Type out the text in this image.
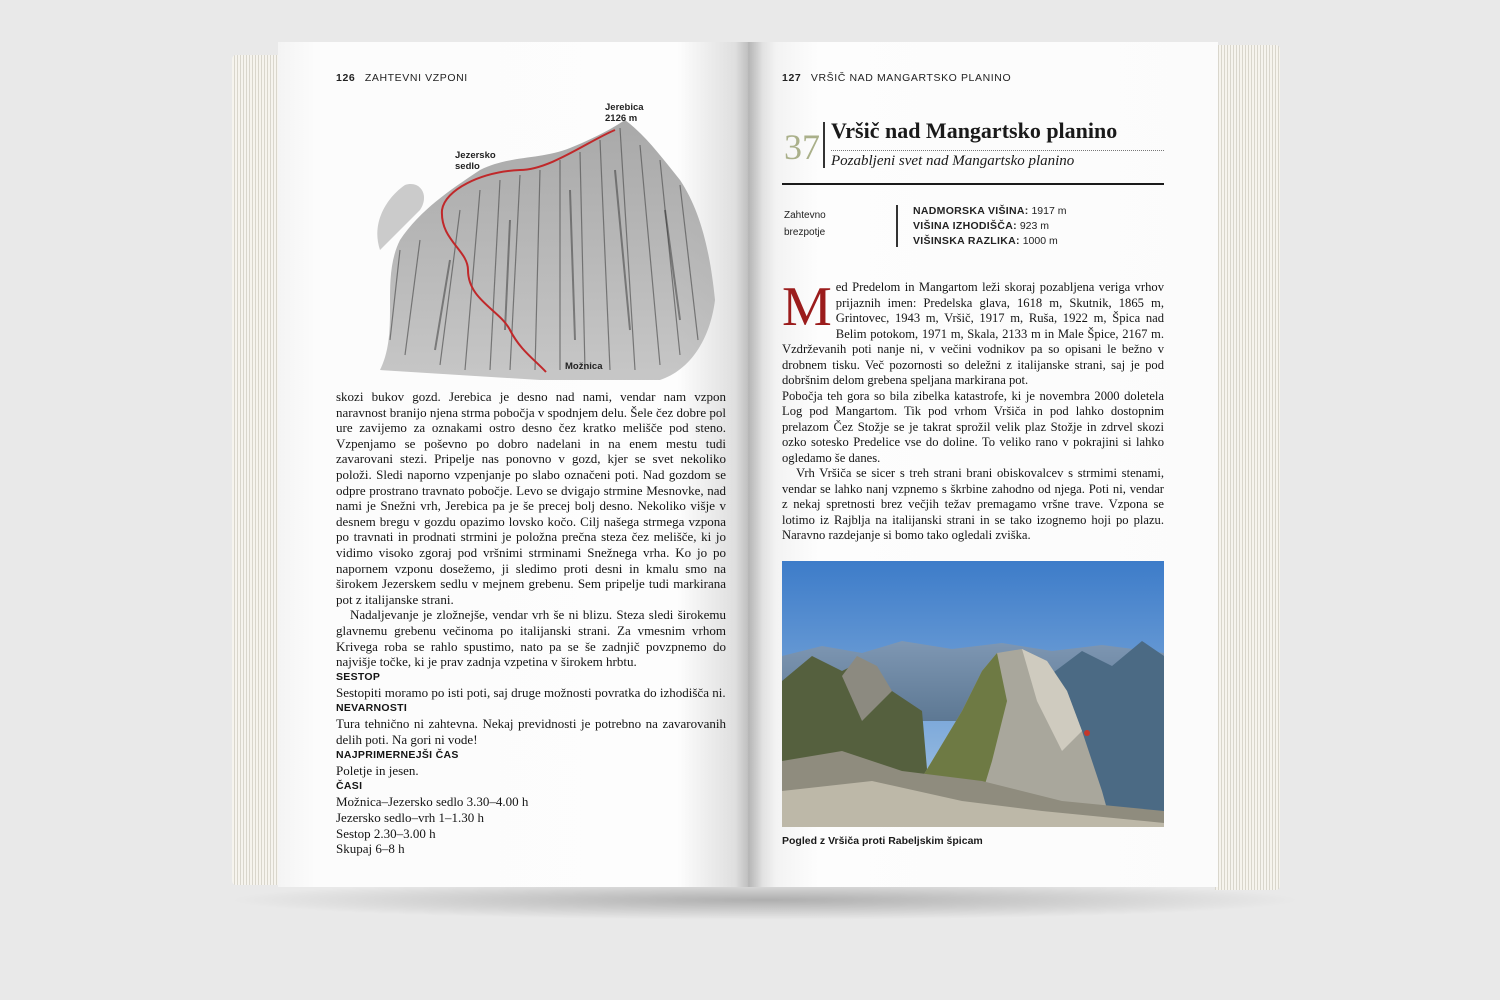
126 ZAHTEVNI VZPONI
Jerebica
2126 m
Jezersko
sedlo
Možnica

skozi bukov gozd. Jerebica je desno nad nami, vendar nam vzpon naravnost branijo njena strma pobočja v spodnjem delu. Šele čez dobre pol ure zavijemo za oznakami ostro desno čez kratko melišče pod steno. Vzpenjamo se poševno po dobro nadelani in na enem mestu tudi zavarovani stezi. Pripelje nas ponovno v gozd, kjer se svet nekoliko položi. Sledi naporno vzpenjanje po slabo označeni poti. Nad gozdom se odpre prostrano travnato pobočje. Levo se dvigajo strmine Mesnovke, nad nami je Snežni vrh, Jerebica pa je še precej bolj desno. Nekoliko višje v desnem bregu v gozdu opazimo lovsko kočo. Cilj našega strmega vzpona po travnati in prodnati strmini je položna prečna steza čez melišče, ki jo vidimo visoko zgoraj pod vršnimi strminami Snežnega vrha. Ko jo po napornem vzponu dosežemo, ji sledimo proti desni in kmalu smo na širokem Jezerskem sedlu v mejnem grebenu. Sem pripelje tudi markirana pot z italijanske strani.

Nadaljevanje je zložnejše, vendar vrh še ni blizu. Steza sledi širokemu glavnemu grebenu večinoma po italijanski strani. Za vmesnim vrhom Krivega roba se rahlo spustimo, nato pa se še zadnjič povzpnemo do najvišje točke, ki je prav zadnja vzpetina v širokem hrbtu.

SESTOP

Sestopiti moramo po isti poti, saj druge možnosti povratka do izhodišča ni.

NEVARNOSTI

Tura tehnično ni zahtevna. Nekaj previdnosti je potrebno na zavarovanih delih poti. Na gori ni vode!

NAJPRIMERNEJŠI ČAS

Poletje in jesen.

ČASI

Možnica–Jezersko sedlo 3.30–4.00 h

Jezersko sedlo–vrh 1–1.30 h

Sestop 2.30–3.00 h

Skupaj 6–8 h

127 VRŠIČ NAD MANGARTSKO PLANINO
37 Vršič nad Mangartsko planino
Pozabljeni svet nad Mangartsko planino
Zahtevno
brezpotje
NADMORSKA VIŠINA: 1917 m
VIŠINA IZHODIŠČA: 923 m
VIŠINSKA RAZLIKA: 1000 m

Med Predelom in Mangartom leži skoraj pozabljena veriga vrhov prijaznih imen: Predelska glava, 1618 m, Skutnik, 1865 m, Grintovec, 1943 m, Vršič, 1917 m, Ruša, 1922 m, Špica nad Belim potokom, 1971 m, Skala, 2133 m in Male Špice, 2167 m. Vzdrževanih poti nanje ni, v večini vodnikov pa so opisani le bežno v drobnem tisku. Več pozornosti so deležni z italijanske strani, saj je pod dobršnim delom grebena speljana markirana pot.

Pobočja teh gora so bila zibelka katastrofe, ki je novembra 2000 doletela Log pod Mangartom. Tik pod vrhom Vršiča in pod lahko dostopnim prelazom Čez Stožje se je takrat sprožil velik plaz Stožje in zdrvel skozi ozko sotesko Predelice vse do doline. To veliko rano v pokrajini si lahko ogledamo še danes.

Vrh Vršiča se sicer s treh strani brani obiskovalcev s strmimi stenami, vendar se lahko nanj vzpnemo s škrbine zahodno od njega. Poti ni, vendar z nekaj spretnosti brez večjih težav premagamo vršne trave. Vzpona se lotimo iz Rajbljа na italijanski strani in se tako izognemo hoji po plazu. Naravno razdejanje si bomo tako ogledali zviška.

Pogled z Vršiča proti Rabeljskim špicam
